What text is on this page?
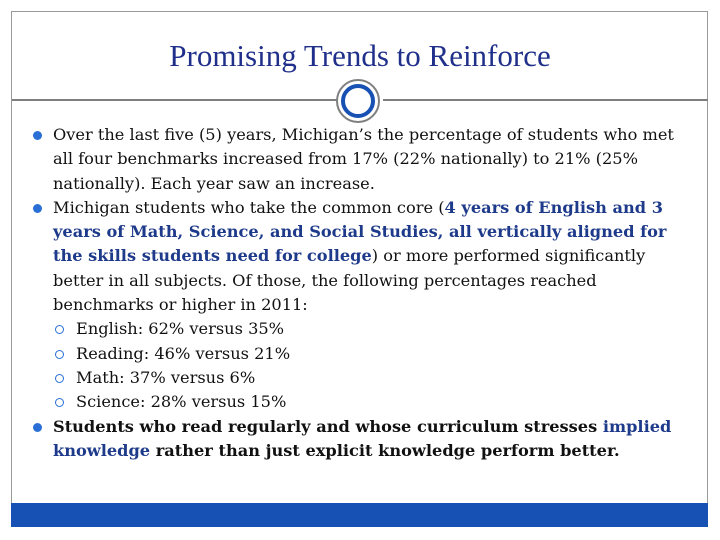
Promising Trends to Reinforce
Over the last five (5) years, Michigan’s the percentage of students who met all four benchmarks increased from 17% (22% nationally) to 21% (25% nationally). Each year saw an increase.
Michigan students who take the common core (4 years of English and 3 years of Math, Science, and Social Studies, all vertically aligned for the skills students need for college) or more performed significantly better in all subjects. Of those, the following percentages reached benchmarks or higher in 2011:
English: 62% versus 35%
Reading: 46% versus 21%
Math: 37% versus 6%
Science: 28% versus 15%
Students who read regularly and whose curriculum stresses implied knowledge rather than just explicit knowledge perform better.
